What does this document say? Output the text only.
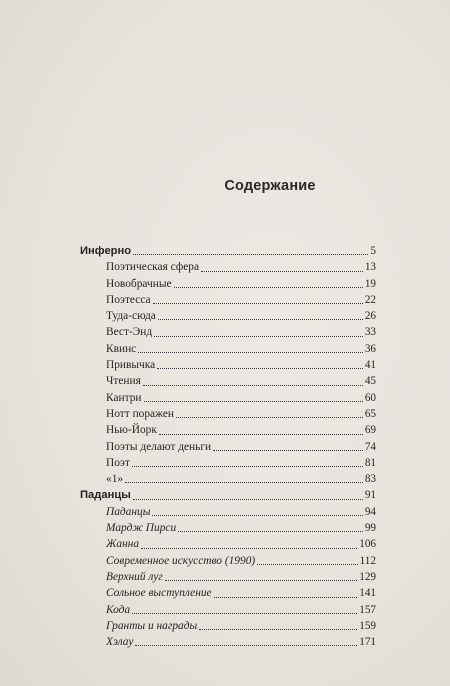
Содержание
Инферно	5
Поэтическая сфера	13
Новобрачные	19
Поэтесса	22
Туда-сюда	26
Вест-Энд	33
Квинс	36
Привычка	41
Чтения	45
Кантри	60
Нотт поражен	65
Нью-Йорк	69
Поэты делают деньги	74
Поэт	81
«1»	83
Паданцы	91
Паданцы	94
Мардж Пирси	99
Жанна	106
Современное искусство (1990)	112
Верхний луг	129
Сольное выступление	141
Кода	157
Гранты и награды	159
Хэлау	171
